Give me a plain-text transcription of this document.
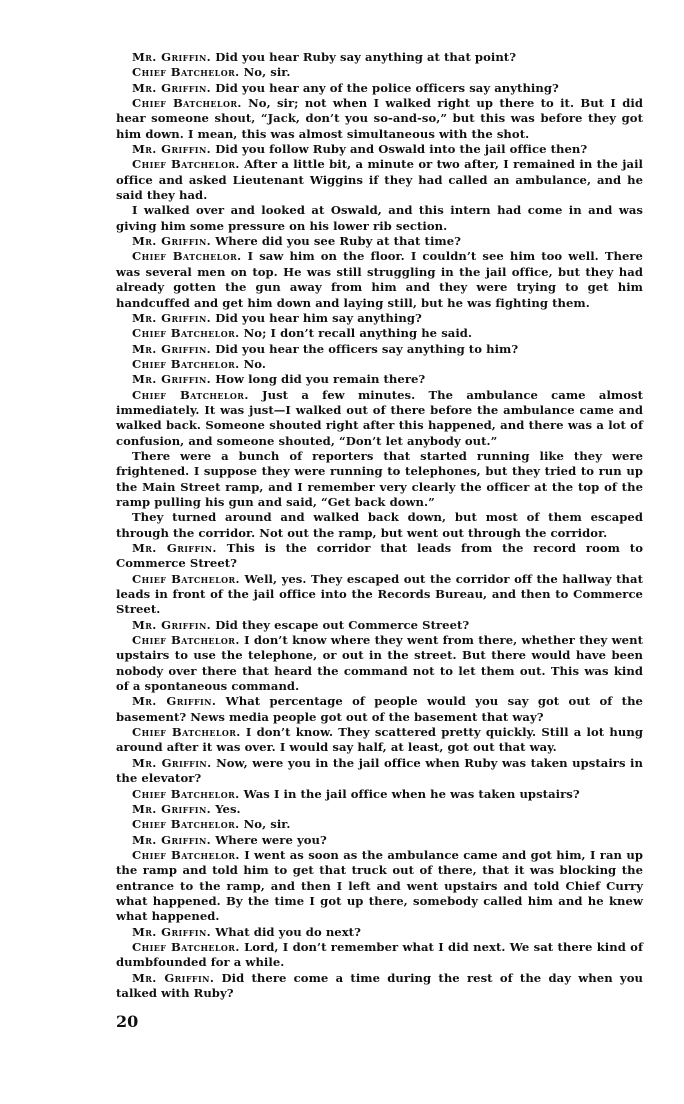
Mr. Griffin. Did you hear Ruby say anything at that point?

Chief Batchelor. No, sir.

Mr. Griffin. Did you hear any of the police officers say anything?

Chief Batchelor. No, sir; not when I walked right up there to it. But I did hear someone shout, “Jack, don’t you so-and-so,” but this was before they got him down. I mean, this was almost simultaneous with the shot.

Mr. Griffin. Did you follow Ruby and Oswald into the jail office then?

Chief Batchelor. After a little bit, a minute or two after, I remained in the jail office and asked Lieutenant Wiggins if they had called an ambulance, and he said they had.

I walked over and looked at Oswald, and this intern had come in and was giving him some pressure on his lower rib section.

Mr. Griffin. Where did you see Ruby at that time?

Chief Batchelor. I saw him on the floor. I couldn’t see him too well. There was several men on top. He was still struggling in the jail office, but they had already gotten the gun away from him and they were trying to get him handcuffed and get him down and laying still, but he was fighting them.

Mr. Griffin. Did you hear him say anything?

Chief Batchelor. No; I don’t recall anything he said.

Mr. Griffin. Did you hear the officers say anything to him?

Chief Batchelor. No.

Mr. Griffin. How long did you remain there?

Chief Batchelor. Just a few minutes. The ambulance came almost immediately. It was just—I walked out of there before the ambulance came and walked back. Someone shouted right after this happened, and there was a lot of confusion, and someone shouted, “Don’t let anybody out.”

There were a bunch of reporters that started running like they were frightened. I suppose they were running to telephones, but they tried to run up the Main Street ramp, and I remember very clearly the officer at the top of the ramp pulling his gun and said, “Get back down.”

They turned around and walked back down, but most of them escaped through the corridor. Not out the ramp, but went out through the corridor.

Mr. Griffin. This is the corridor that leads from the record room to Commerce Street?

Chief Batchelor. Well, yes. They escaped out the corridor off the hallway that leads in front of the jail office into the Records Bureau, and then to Commerce Street.

Mr. Griffin. Did they escape out Commerce Street?

Chief Batchelor. I don’t know where they went from there, whether they went upstairs to use the telephone, or out in the street. But there would have been nobody over there that heard the command not to let them out. This was kind of a spontaneous command.

Mr. Griffin. What percentage of people would you say got out of the basement? News media people got out of the basement that way?

Chief Batchelor. I don’t know. They scattered pretty quickly. Still a lot hung around after it was over. I would say half, at least, got out that way.

Mr. Griffin. Now, were you in the jail office when Ruby was taken upstairs in the elevator?

Chief Batchelor. Was I in the jail office when he was taken upstairs?

Mr. Griffin. Yes.

Chief Batchelor. No, sir.

Mr. Griffin. Where were you?

Chief Batchelor. I went as soon as the ambulance came and got him, I ran up the ramp and told him to get that truck out of there, that it was blocking the entrance to the ramp, and then I left and went upstairs and told Chief Curry what happened. By the time I got up there, somebody called him and he knew what happened.

Mr. Griffin. What did you do next?

Chief Batchelor. Lord, I don’t remember what I did next. We sat there kind of dumbfounded for a while.

Mr. Griffin. Did there come a time during the rest of the day when you talked with Ruby?

20
